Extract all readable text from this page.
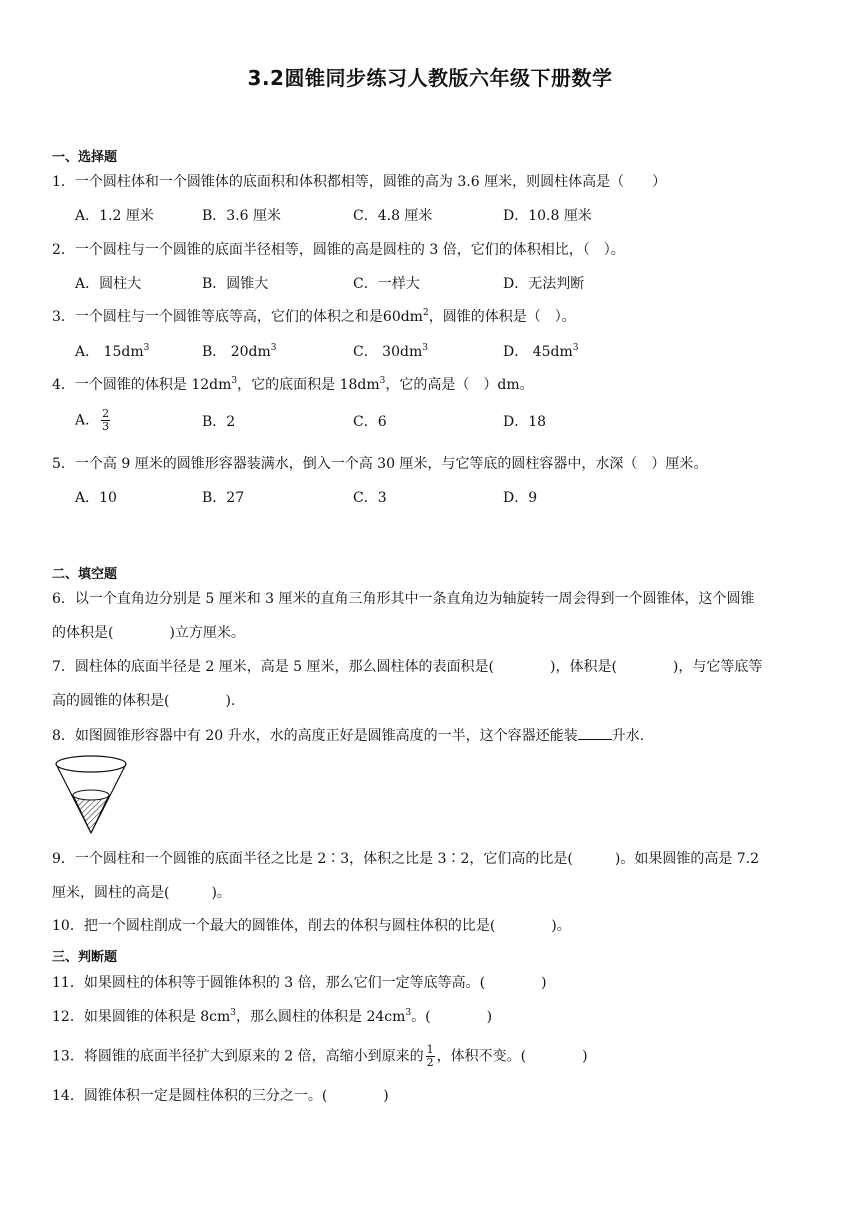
3.2圆锥同步练习人教版六年级下册数学
一、选择题
1．一个圆柱体和一个圆锥体的底面积和体积都相等，圆锥的高为 3.6 厘米，则圆柱体高是（　　）
A．1.2 厘米	B．3.6 厘米	C．4.8 厘米	D．10.8 厘米
2．一个圆柱与一个圆锥的底面半径相等，圆锥的高是圆柱的 3 倍，它们的体积相比，（　）。
A．圆柱大	B．圆锥大	C．一样大	D．无法判断
3．一个圆柱与一个圆锥等底等高，它们的体积之和是$60dm^2$，圆锥的体积是（　）。
A． $15dm^3$	B． $20dm^3$	C． $30dm^3$	D． $45dm^3$
4．一个圆锥的体积是 $12dm^3$，它的底面积是 $18dm^3$，它的高是（　）dm。
A． $\frac{2}{3}$	B．2	C．6	D．18
5．一个高 9 厘米的圆锥形容器装满水，倒入一个高 30 厘米，与它等底的圆柱容器中，水深（　）厘米。
A．10	B．27	C．3	D．9
二、填空题
6．以一个直角边分别是 5 厘米和 3 厘米的直角三角形其中一条直角边为轴旋转一周会得到一个圆锥体，这个圆锥
的体积是(　　　　)立方厘米。
7．圆柱体的底面半径是 2 厘米，高是 5 厘米，那么圆柱体的表面积是(　　　　)，体积是(　　　　)，与它等底等
高的圆锥的体积是(　　　　).
8．如图圆锥形容器中有 20 升水，水的高度正好是圆锥高度的一半，这个容器还能装 升水.
9．一个圆柱和一个圆锥的底面半径之比是 2∶3，体积之比是 3∶2，它们高的比是(　　　)。如果圆锥的高是 7.2
厘米，圆柱的高是(　　　)。
10．把一个圆柱削成一个最大的圆锥体，削去的体积与圆柱体积的比是(　　　　)。
三、判断题
11．如果圆柱的体积等于圆锥体积的 3 倍，那么它们一定等底等高。(　　　　)
12．如果圆锥的体积是 $8cm^3$，那么圆柱的体积是 $24cm^3$。(　　　　)
13．将圆锥的底面半径扩大到原来的 2 倍，高缩小到原来的 $\frac{1}{2}$ ，体积不变。(　　　　)
14．圆锥体积一定是圆柱体积的三分之一。(　　　　)
